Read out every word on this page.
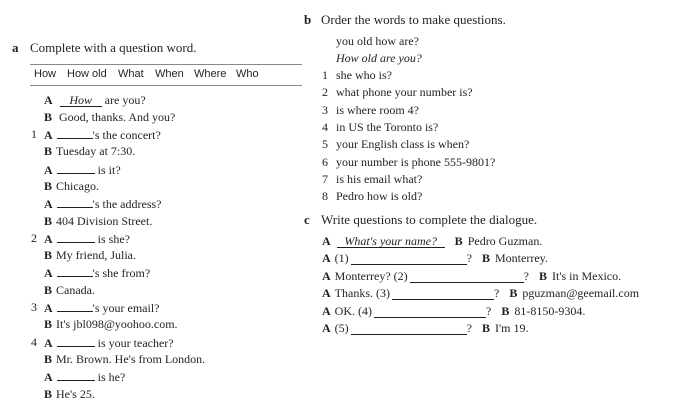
a Complete with a question word.
How How old What When Where Who
A How are you?
B Good, thanks. And you?
1 A	's the concert?
B Tuesday at 7:30.
A	is it?
B Chicago.
A	's the address?
B 404 Division Street.
2 A	is she?
B My friend, Julia.
A	's she from?
B Canada.
3 A	's your email?
B It's jbl098@yoohoo.com.
4 A	is your teacher?
B Mr. Brown. He's from London.
A	is he?
B He's 25.
b Order the words to make questions.
you old how are?
How old are you?
1 she who is?
2 what phone your number is?
3 is where room 4?
4 in US the Toronto is?
5 your English class is when?
6 your number is phone 555-9801?
7 is his email what?
8 Pedro how is old?
c Write questions to complete the dialogue.
A What's your name? B Pedro Guzman.
A (1)	? B Monterrey.
A Monterrey? (2)	? B It's in Mexico.
A Thanks. (3)	? B pguzman@geemail.com
A OK. (4)	? B 81-8150-9304.
A (5)	? B I'm 19.
